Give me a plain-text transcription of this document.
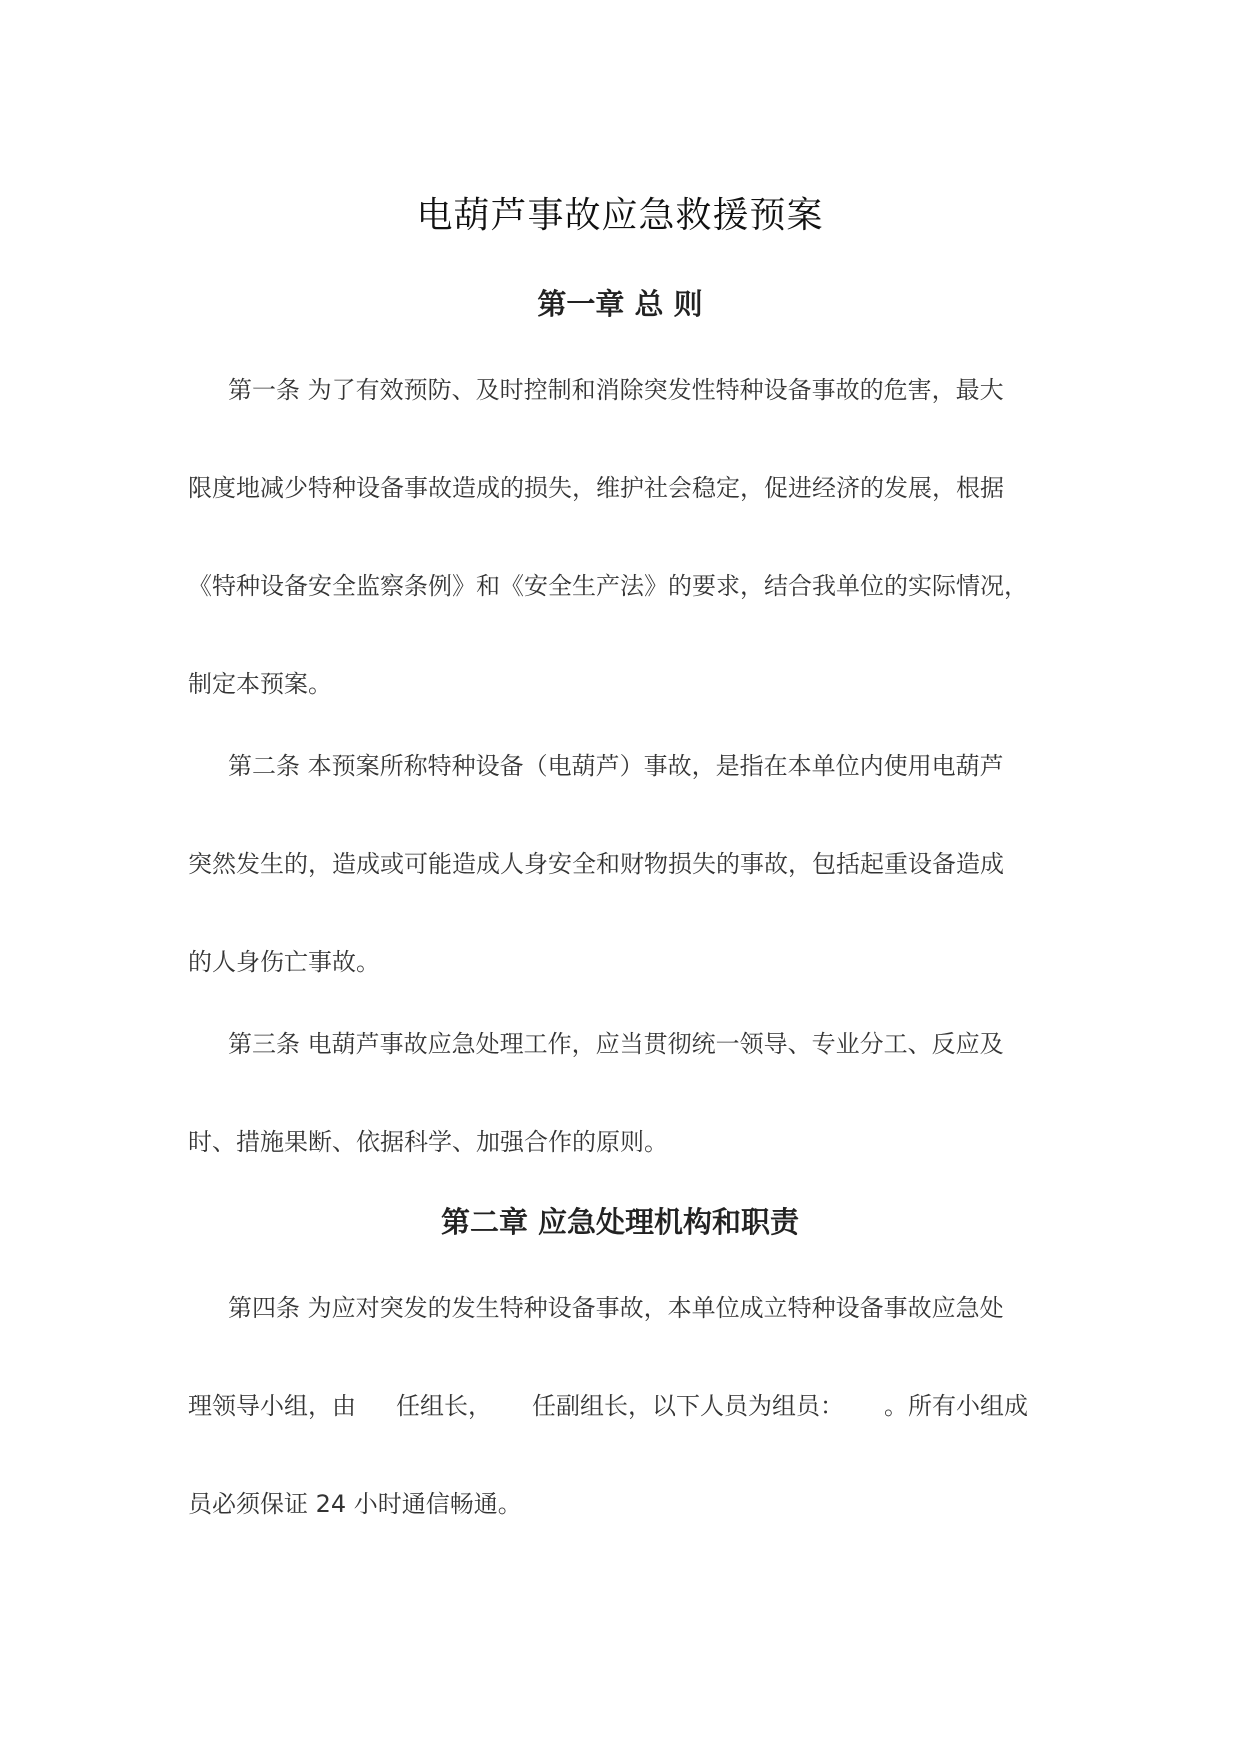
电葫芦事故应急救援预案
第一章 总 则
第一条 为了有效预防、及时控制和消除突发性特种设备事故的危害，最大
限度地减少特种设备事故造成的损失，维护社会稳定，促进经济的发展，根据
《特种设备安全监察条例》和《安全生产法》的要求，结合我单位的实际情况，
制定本预案。
第二条 本预案所称特种设备（电葫芦）事故，是指在本单位内使用电葫芦
突然发生的，造成或可能造成人身安全和财物损失的事故，包括起重设备造成
的人身伤亡事故。
第三条 电葫芦事故应急处理工作，应当贯彻统一领导、专业分工、反应及
时、措施果断、依据科学、加强合作的原则。
第二章 应急处理机构和职责
第四条 为应对突发的发生特种设备事故，本单位成立特种设备事故应急处
理领导小组，由 任组长， 任副组长，以下人员为组员： 。所有小组成
员必须保证 24 小时通信畅通。
